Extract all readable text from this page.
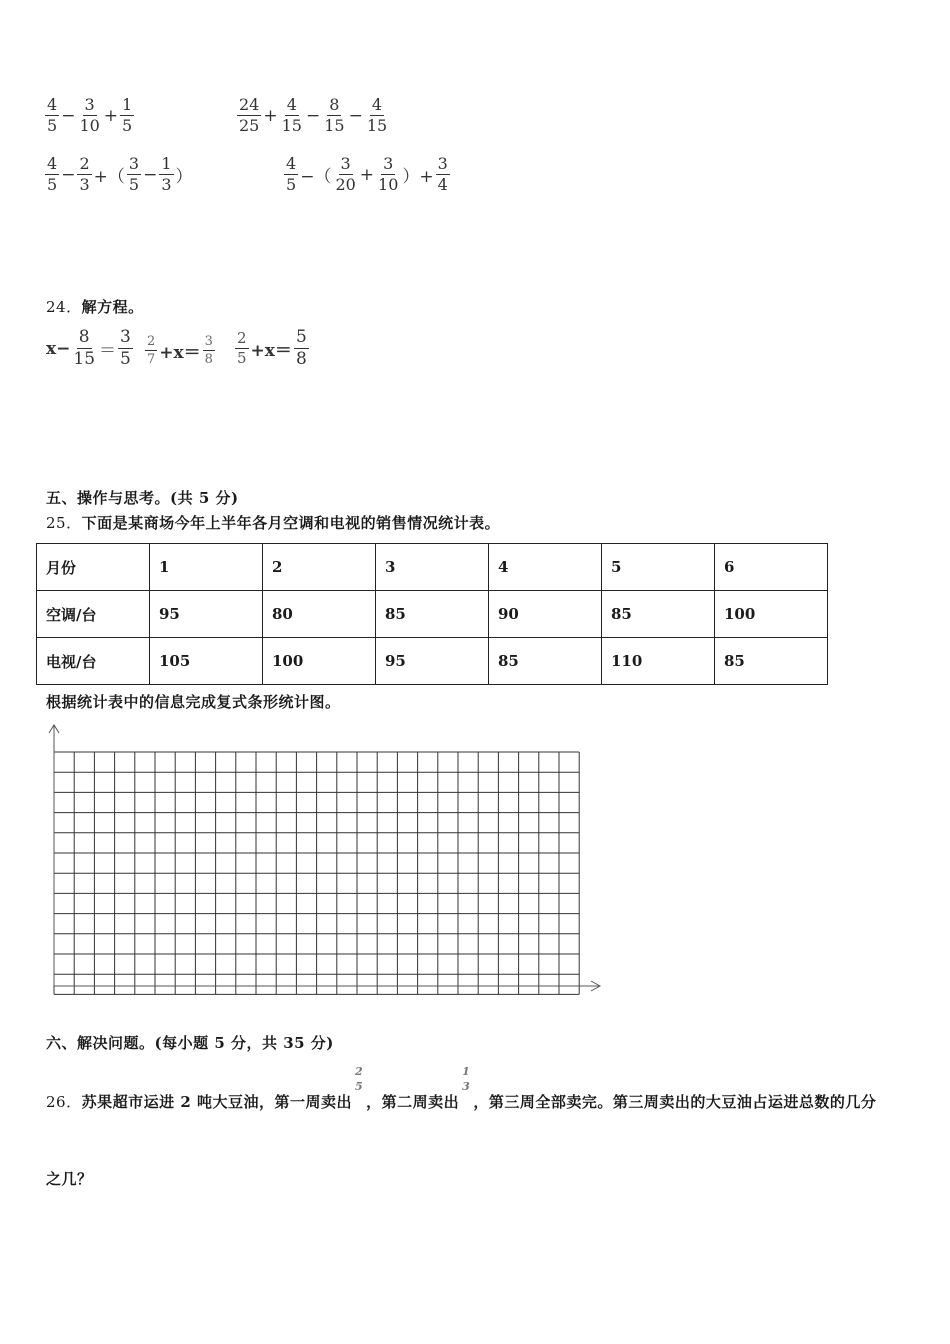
$\frac{4}{5} - \frac{3}{10} + \frac{1}{5}$	$\frac{24}{25} + \frac{4}{15} - \frac{8}{15} - \frac{4}{15}$
$\frac{4}{5} - \frac{2}{3}$ +（ $\frac{3}{5} - \frac{1}{3}$ ）	$\frac{4}{5}$ −（ $\frac{3}{20} + \frac{3}{10}$ ）+ $\frac{3}{4}$
24．解方程。
$x- \frac{8}{15} = \frac{3}{5} \frac{2}{7} +x= \frac{3}{8} \frac{2}{5} +x= \frac{5}{8}$
五、操作与思考。(共 5 分)
25．下面是某商场今年上半年各月空调和电视的销售情况统计表。
月份	1	2	3	4	5	6
空调/台	95	80	85	90	85	100
电视/台	105	100	95	85	110	85
根据统计表中的信息完成复式条形统计图。
六、解决问题。(每小题 5 分，共 35 分)
26． 苏果超市运进 2 吨大豆油，第一周卖出
2
5
，第二周卖出
1
3
，第三周全部卖完。第三周卖出的大豆油占运进总数的几分
之几？
